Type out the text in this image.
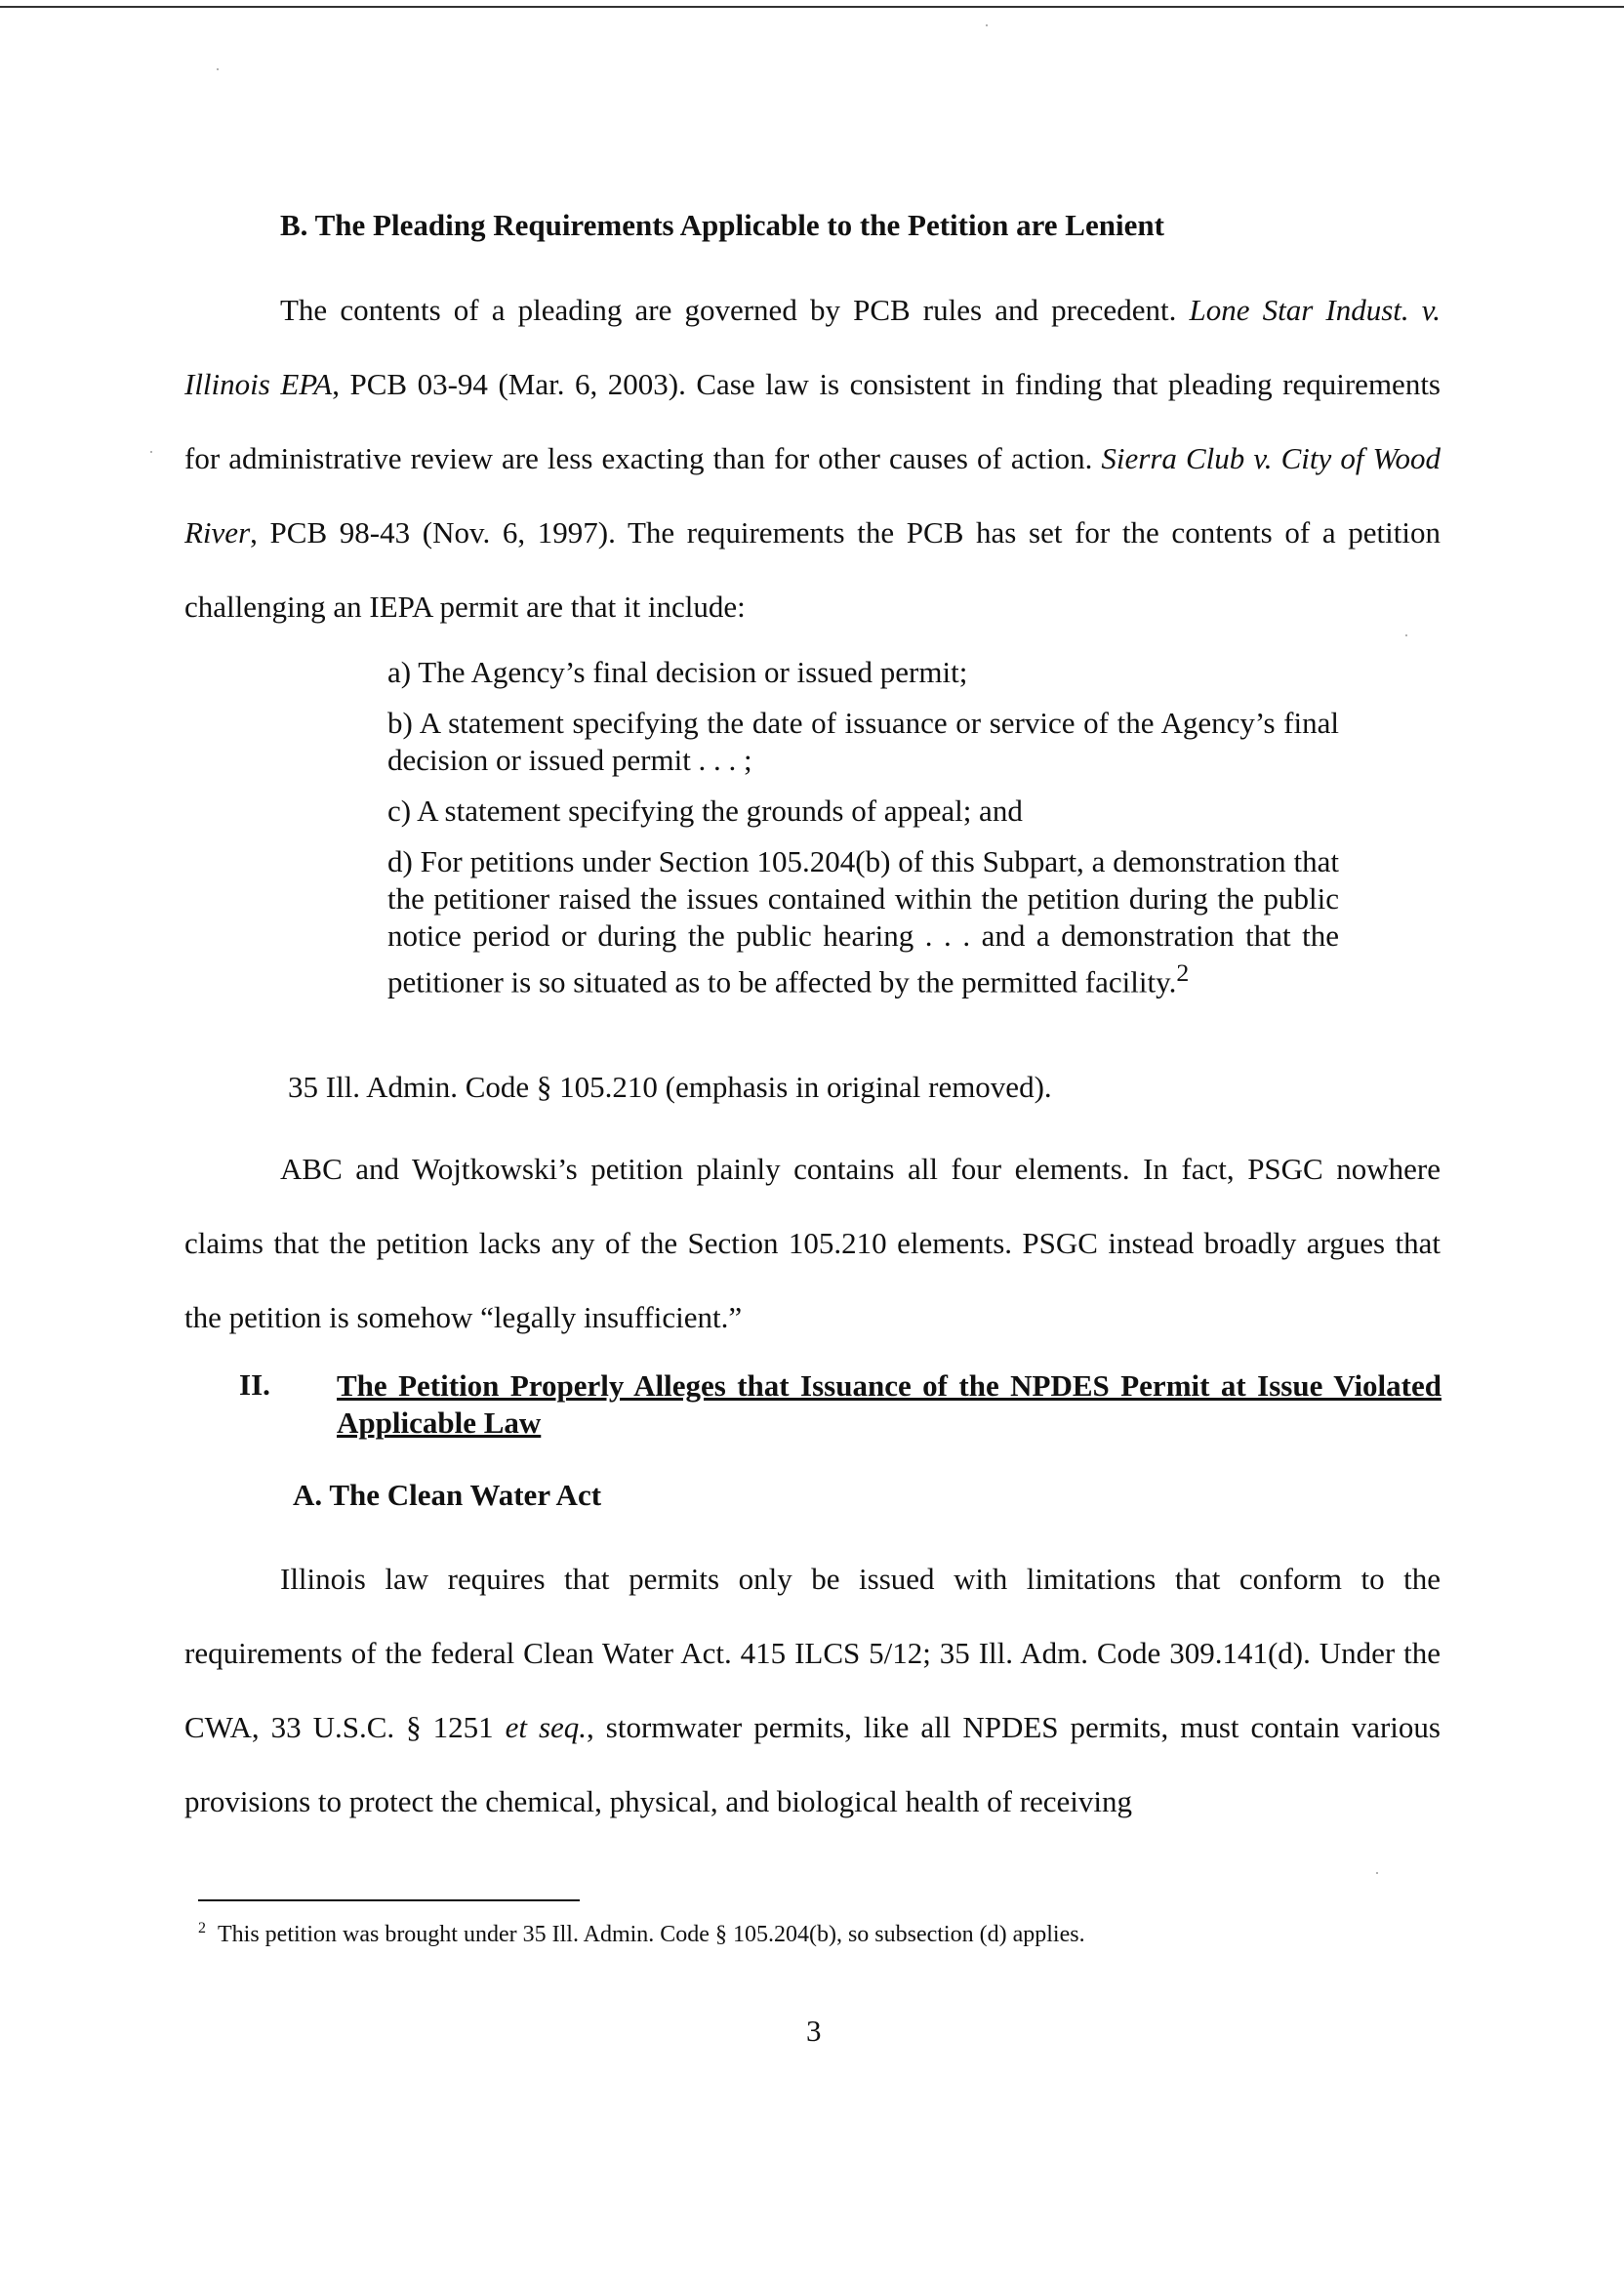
B. The Pleading Requirements Applicable to the Petition are Lenient
The contents of a pleading are governed by PCB rules and precedent. Lone Star Indust. v. Illinois EPA, PCB 03-94 (Mar. 6, 2003). Case law is consistent in finding that pleading requirements for administrative review are less exacting than for other causes of action. Sierra Club v. City of Wood River, PCB 98-43 (Nov. 6, 1997). The requirements the PCB has set for the contents of a petition challenging an IEPA permit are that it include:
a) The Agency’s final decision or issued permit;
b) A statement specifying the date of issuance or service of the Agency’s final decision or issued permit . . . ;
c) A statement specifying the grounds of appeal; and
d) For petitions under Section 105.204(b) of this Subpart, a demonstration that the petitioner raised the issues contained within the petition during the public notice period or during the public hearing . . . and a demonstration that the petitioner is so situated as to be affected by the permitted facility.$^2$
35 Ill. Admin. Code § 105.210 (emphasis in original removed).
ABC and Wojtkowski’s petition plainly contains all four elements. In fact, PSGC nowhere claims that the petition lacks any of the Section 105.210 elements. PSGC instead broadly argues that the petition is somehow “legally insufficient.”
II. The Petition Properly Alleges that Issuance of the NPDES Permit at Issue Violated Applicable Law
A. The Clean Water Act
Illinois law requires that permits only be issued with limitations that conform to the requirements of the federal Clean Water Act. 415 ILCS 5/12; 35 Ill. Adm. Code 309.141(d). Under the CWA, 33 U.S.C. § 1251 et seq., stormwater permits, like all NPDES permits, must contain various provisions to protect the chemical, physical, and biological health of receiving
$^2$ This petition was brought under 35 Ill. Admin. Code § 105.204(b), so subsection (d) applies.
3
